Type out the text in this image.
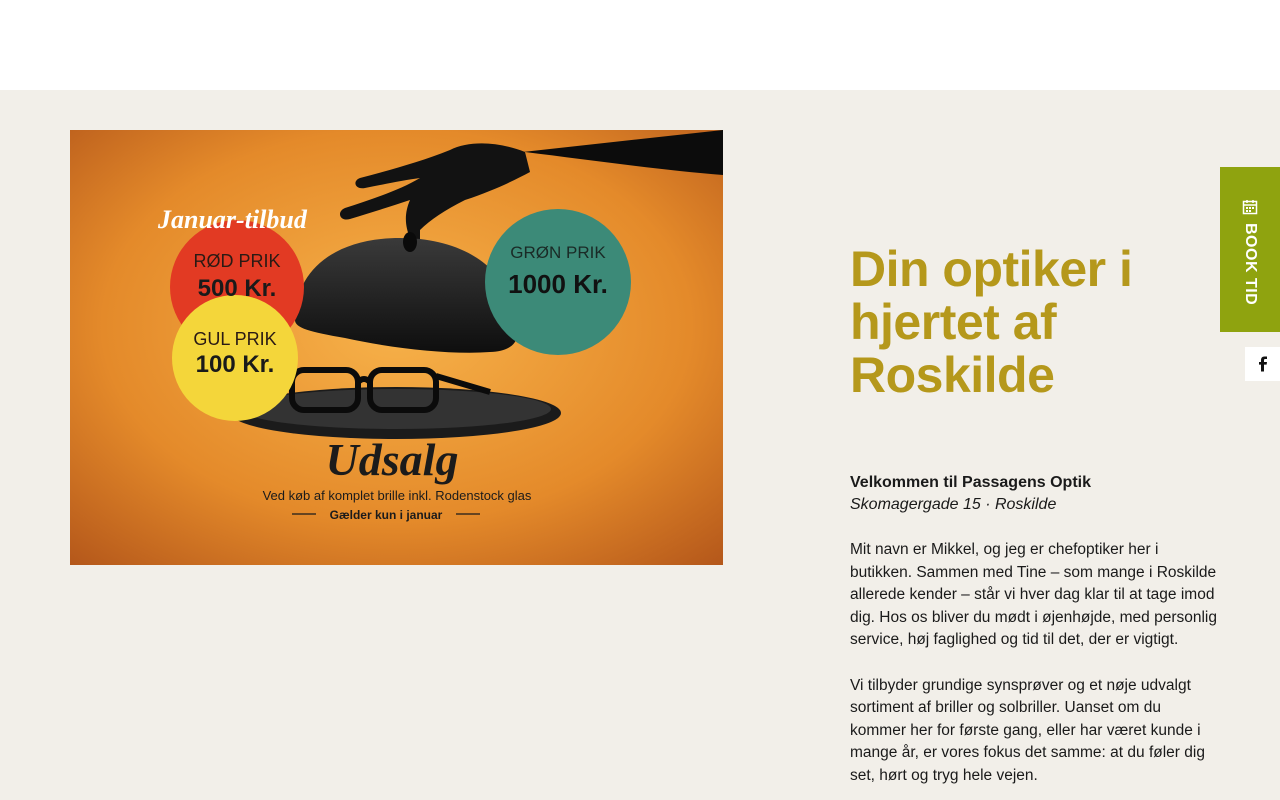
Januar-tilbud
RØD PRIK
500 Kr.
GUL PRIK
100 Kr.
GRØN PRIK
1000 Kr.
Udsalg
Ved køb af komplet brille inkl. Rodenstock glas
Gælder kun i januar
Din optiker i hjertet af Roskilde

Velkommen til Passagens Optik

Skomagergade 15 · Roskilde

Mit navn er Mikkel, og jeg er chefoptiker her i butikken. Sammen med Tine – som mange i Roskilde allerede kender – står vi hver dag klar til at tage imod dig. Hos os bliver du mødt i øjenhøjde, med personlig service, høj faglighed og tid til det, der er vigtigt.

Vi tilbyder grundige synsprøver og et nøje udvalgt sortiment af briller og solbriller. Uanset om du kommer her for første gang, eller har været kunde i mange år, er vores fokus det samme: at du føler dig set, hørt og tryg hele vejen.

BOOK TID
